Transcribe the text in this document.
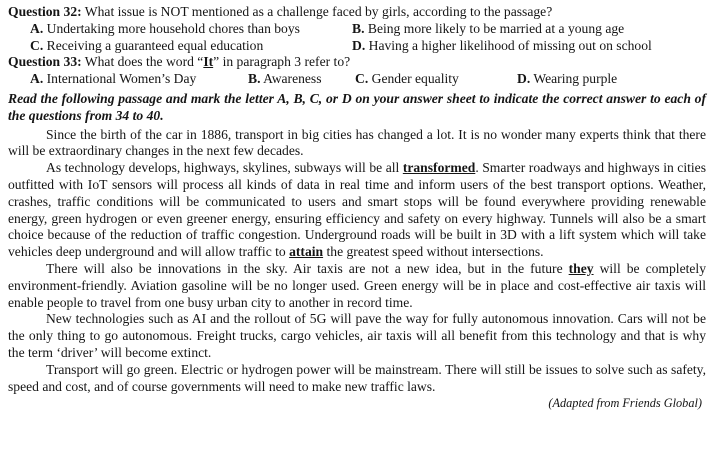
Question 32: What issue is NOT mentioned as a challenge faced by girls, according to the passage?
A. Undertaking more household chores than boys	B. Being more likely to be married at a young age
C. Receiving a guaranteed equal education	D. Having a higher likelihood of missing out on school
Question 33: What does the word “It” in paragraph 3 refer to?
A. International Women’s Day	B. Awareness	C. Gender equality	D. Wearing purple
Read the following passage and mark the letter A, B, C, or D on your answer sheet to indicate the correct answer to each of the questions from 34 to 40.

Since the birth of the car in 1886, transport in big cities has changed a lot. It is no wonder many experts think that there will be extraordinary changes in the next few decades.

As technology develops, highways, skylines, subways will be all transformed. Smarter roadways and highways in cities outfitted with IoT sensors will process all kinds of data in real time and inform users of the best transport options. Weather, crashes, traffic conditions will be communicated to users and smart stops will be found everywhere providing renewable energy, green hydrogen or even greener energy, ensuring efficiency and safety on every highway. Tunnels will also be a smart choice because of the reduction of traffic congestion. Underground roads will be built in 3D with a lift system which will take vehicles deep underground and will allow traffic to attain the greatest speed without intersections.

There will also be innovations in the sky. Air taxis are not a new idea, but in the future they will be completely environment-friendly. Aviation gasoline will be no longer used. Green energy will be in place and cost-effective air taxis will enable people to travel from one busy urban city to another in record time.

New technologies such as AI and the rollout of 5G will pave the way for fully autonomous innovation. Cars will not be the only thing to go autonomous. Freight trucks, cargo vehicles, air taxis will all benefit from this technology and that is why the term ‘driver’ will become extinct.

Transport will go green. Electric or hydrogen power will be mainstream. There will still be issues to solve such as safety, speed and cost, and of course governments will need to make new traffic laws.

(Adapted from Friends Global)
